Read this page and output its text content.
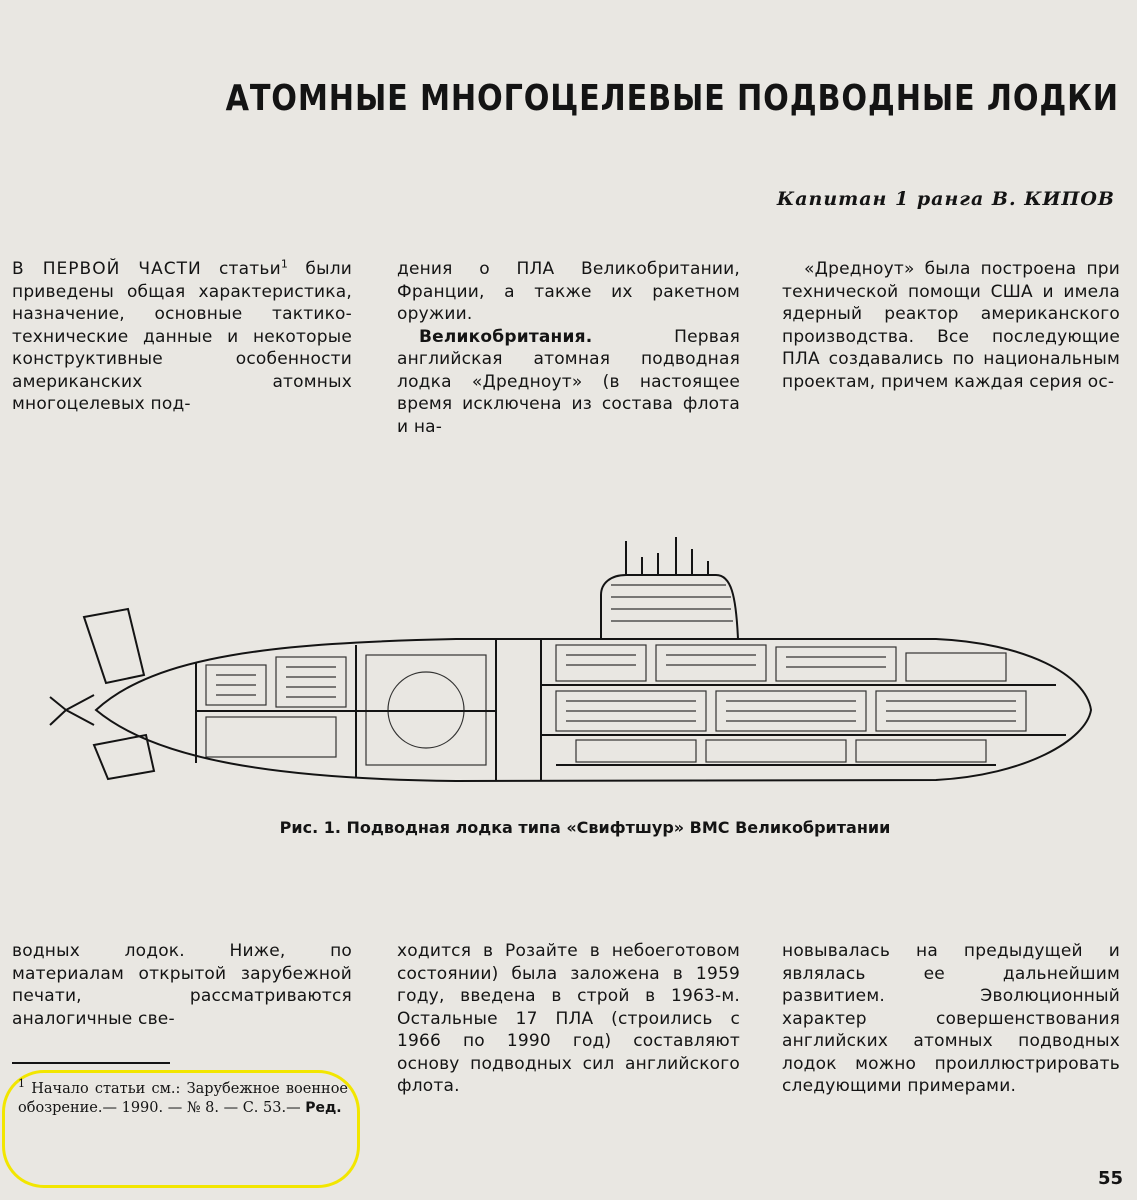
АТОМНЫЕ МНОГОЦЕЛЕВЫЕ ПОДВОДНЫЕ ЛОДКИ
Капитан 1 ранга В. КИПОВ

В ПЕРВОЙ ЧАСТИ статьи$^1$ были приведены общая характеристика, назначение, основные тактико-технические данные и некоторые конструктивные особенности американских атомных многоцелевых под-

дения о ПЛА Великобритании, Франции, а также их ракетном оружии.

Великобритания.	Первая английская атомная подводная лодка «Дредноут» (в настоящее время исключена из состава флота и на-

«Дредноут» была построена при технической помощи США и имела ядерный реактор американского производства. Все последующие ПЛА создавались по национальным проектам, причем каждая серия ос-

Рис. 1. Подводная лодка типа «Свифтшур» ВМС Великобритании

водных лодок. Ниже, по материалам открытой зарубежной печати, рассматриваются аналогичные све-

ходится в Розайте в небоеготовом состоянии) была заложена в 1959 году, введена в строй в 1963-м. Остальные 17 ПЛА (строились с 1966 по 1990 год) составляют основу подводных сил английского флота.

новывалась на предыдущей и являлась ее дальнейшим развитием. Эволюционный характер совершенствования английских атомных подводных лодок можно проиллюстрировать следующими примерами.

$^1$ Начало статьи см.: Зарубежное военное обозрение.— 1990. — № 8. — С. 53.— Ред.

55
